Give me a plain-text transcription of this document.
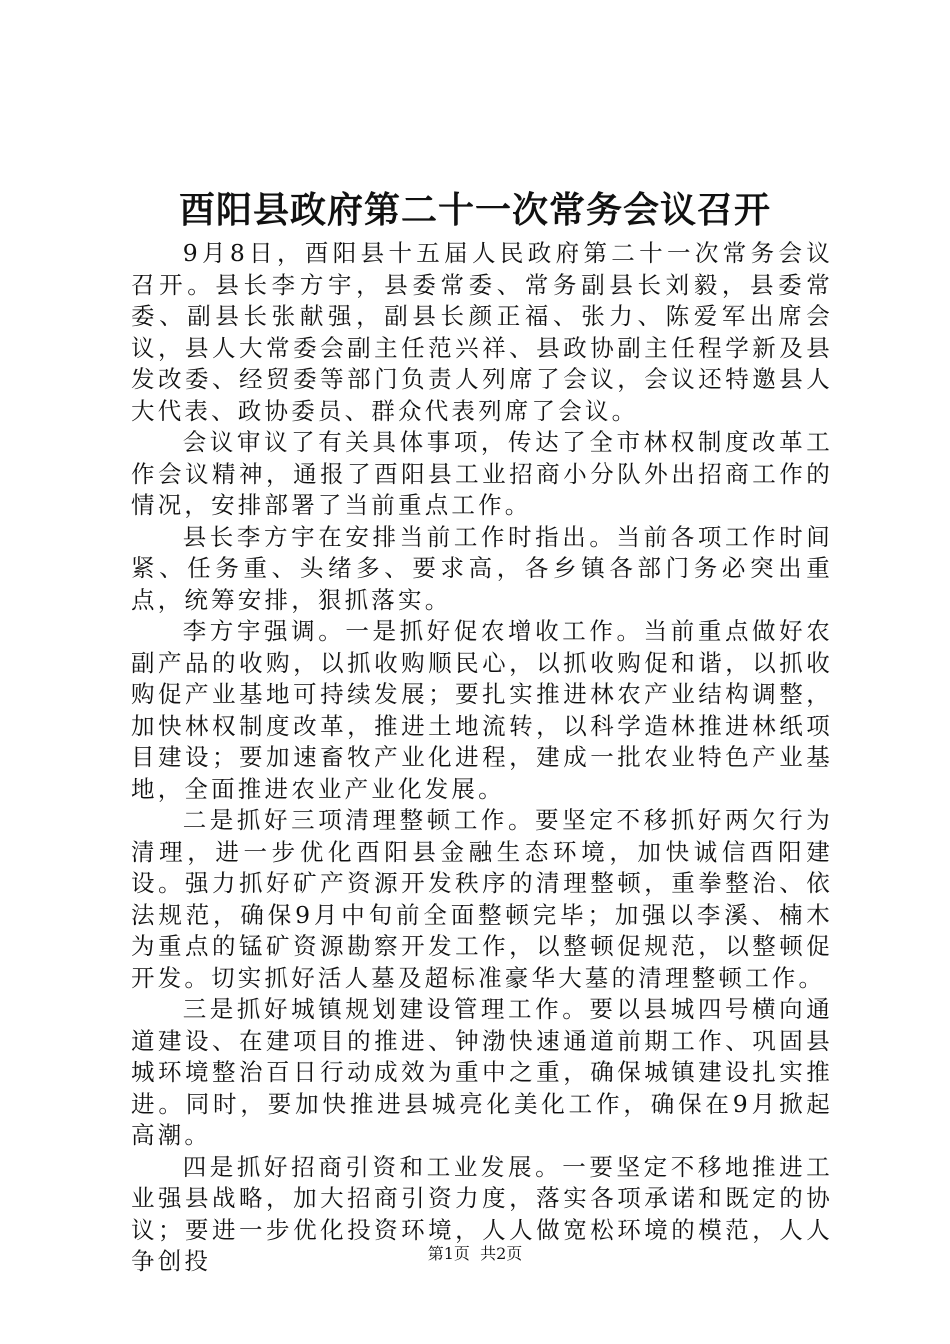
酉阳县政府第二十一次常务会议召开

9月8日，酉阳县十五届人民政府第二十一次常务会议召开。县长李方宇，县委常委、常务副县长刘毅，县委常委、副县长张献强，副县长颜正福、张力、陈爱军出席会议，县人大常委会副主任范兴祥、县政协副主任程学新及县发改委、经贸委等部门负责人列席了会议，会议还特邀县人大代表、政协委员、群众代表列席了会议。

会议审议了有关具体事项，传达了全市林权制度改革工作会议精神，通报了酉阳县工业招商小分队外出招商工作的情况，安排部署了当前重点工作。

县长李方宇在安排当前工作时指出。当前各项工作时间紧、任务重、头绪多、要求高，各乡镇各部门务必突出重点，统筹安排，狠抓落实。

李方宇强调。一是抓好促农增收工作。当前重点做好农副产品的收购，以抓收购顺民心，以抓收购促和谐，以抓收购促产业基地可持续发展；要扎实推进林农产业结构调整，加快林权制度改革，推进土地流转，以科学造林推进林纸项目建设；要加速畜牧产业化进程，建成一批农业特色产业基地，全面推进农业产业化发展。

二是抓好三项清理整顿工作。要坚定不移抓好两欠行为清理，进一步优化酉阳县金融生态环境，加快诚信酉阳建设。强力抓好矿产资源开发秩序的清理整顿，重拳整治、依法规范，确保9月中旬前全面整顿完毕；加强以李溪、楠木为重点的锰矿资源勘察开发工作，以整顿促规范，以整顿促开发。切实抓好活人墓及超标准豪华大墓的清理整顿工作。

三是抓好城镇规划建设管理工作。要以县城四号横向通道建设、在建项目的推进、钟渤快速通道前期工作、巩固县城环境整治百日行动成效为重中之重，确保城镇建设扎实推进。同时，要加快推进县城亮化美化工作，确保在9月掀起高潮。

四是抓好招商引资和工业发展。一要坚定不移地推进工业强县战略，加大招商引资力度，落实各项承诺和既定的协议；要进一步优化投资环境，人人做宽松环境的模范，人人争创投	第1页 共2页
